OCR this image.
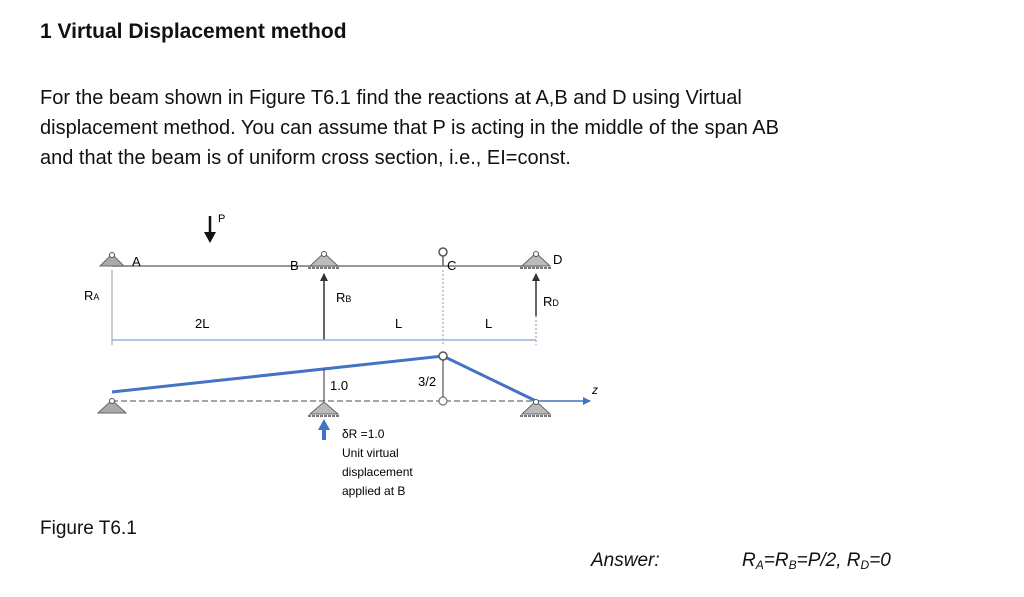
1 Virtual Displacement method
For the beam shown in Figure T6.1 find the reactions at A,B and D using Virtual
displacement method. You can assume that P is acting in the middle of the span AB
and that the beam is of uniform cross section, i.e., EI=const.
P
A	B	C	D
RA	RB	RD
2L	L	L
z
1.0	3/2
δR =1.0 Unit virtual displacement applied at B
Figure T6.1
Answer:	$R_A=R_B=P/2$, $R_D=0$
